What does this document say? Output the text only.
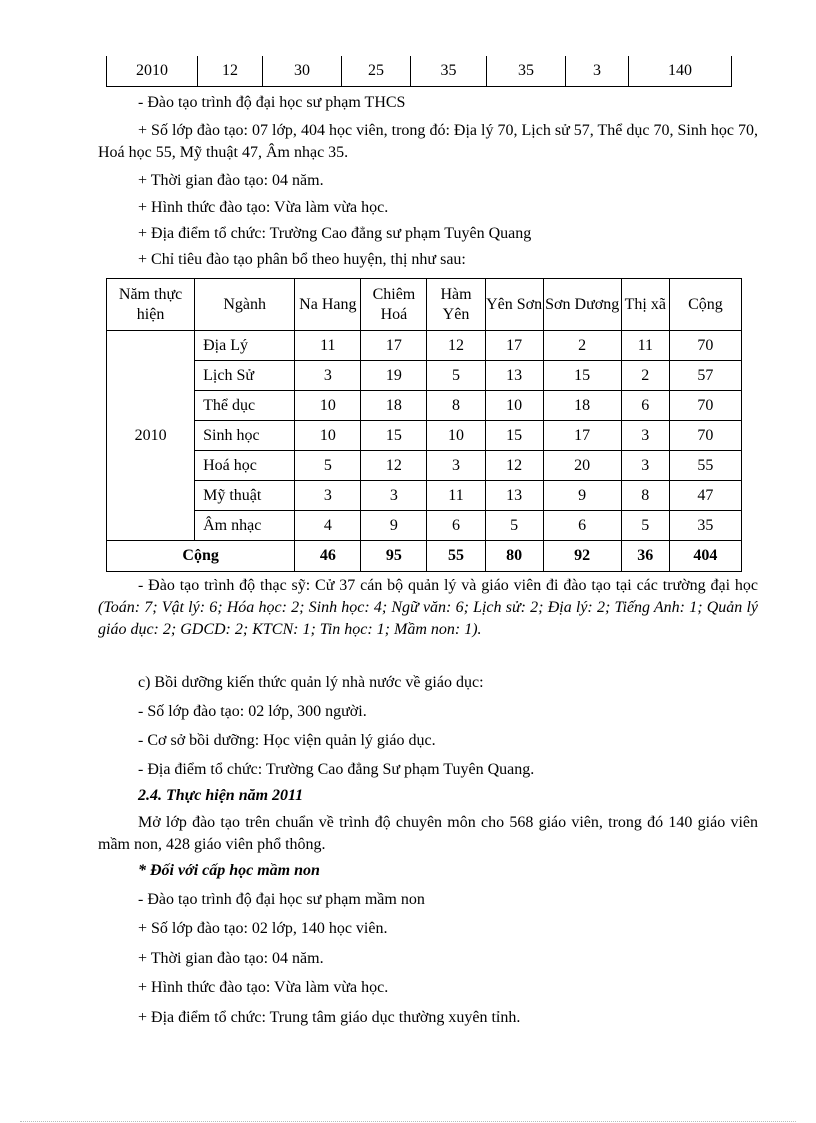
2010	12	30	25	35	35	3	140
- Đào tạo trình độ đại học sư phạm THCS
+ Số lớp đào tạo: 07 lớp, 404 học viên, trong đó: Địa lý 70, Lịch sử 57, Thể dục 70, Sinh học 70, Hoá học 55, Mỹ thuật 47, Âm nhạc 35.
+ Thời gian đào tạo: 04 năm.
+ Hình thức đào tạo: Vừa làm vừa học.
+ Địa điểm tổ chức: Trường Cao đẳng sư phạm Tuyên Quang
+ Chỉ tiêu đào tạo phân bổ theo huyện, thị như sau:
Năm thực hiện	Ngành	Na Hang	Chiêm Hoá	Hàm Yên	Yên Sơn	Sơn Dương	Thị xã	Cộng
2010	Địa Lý	11	17	12	17	2	11	70
	Lịch Sử	3	19	5	13	15	2	57
	Thể dục	10	18	8	10	18	6	70
	Sinh học	10	15	10	15	17	3	70
	Hoá học	5	12	3	12	20	3	55
	Mỹ thuật	3	3	11	13	9	8	47
	Âm nhạc	4	9	6	5	6	5	35
Cộng		46	95	55	80	92	36	404
- Đào tạo trình độ thạc sỹ: Cử 37 cán bộ quản lý và giáo viên đi đào tạo tại các trường đại học (Toán: 7; Vật lý: 6; Hóa học: 2; Sinh học: 4; Ngữ văn: 6; Lịch sử: 2; Địa lý: 2; Tiếng Anh: 1; Quản lý giáo dục: 2; GDCD: 2; KTCN: 1; Tin học: 1; Mầm non: 1).
c) Bồi dưỡng kiến thức quản lý nhà nước về giáo dục:
- Số lớp đào tạo: 02 lớp, 300 người.
- Cơ sở bồi dưỡng: Học viện quản lý giáo dục.
- Địa điểm tổ chức: Trường Cao đẳng Sư phạm Tuyên Quang.
2.4. Thực hiện năm 2011
Mở lớp đào tạo trên chuẩn về trình độ chuyên môn cho 568 giáo viên, trong đó 140 giáo viên mầm non, 428 giáo viên phổ thông.
* Đối với cấp học mầm non
- Đào tạo trình độ đại học sư phạm mầm non
+ Số lớp đào tạo: 02 lớp, 140 học viên.
+ Thời gian đào tạo: 04 năm.
+ Hình thức đào tạo: Vừa làm vừa học.
+ Địa điểm tổ chức: Trung tâm giáo dục thường xuyên tỉnh.
